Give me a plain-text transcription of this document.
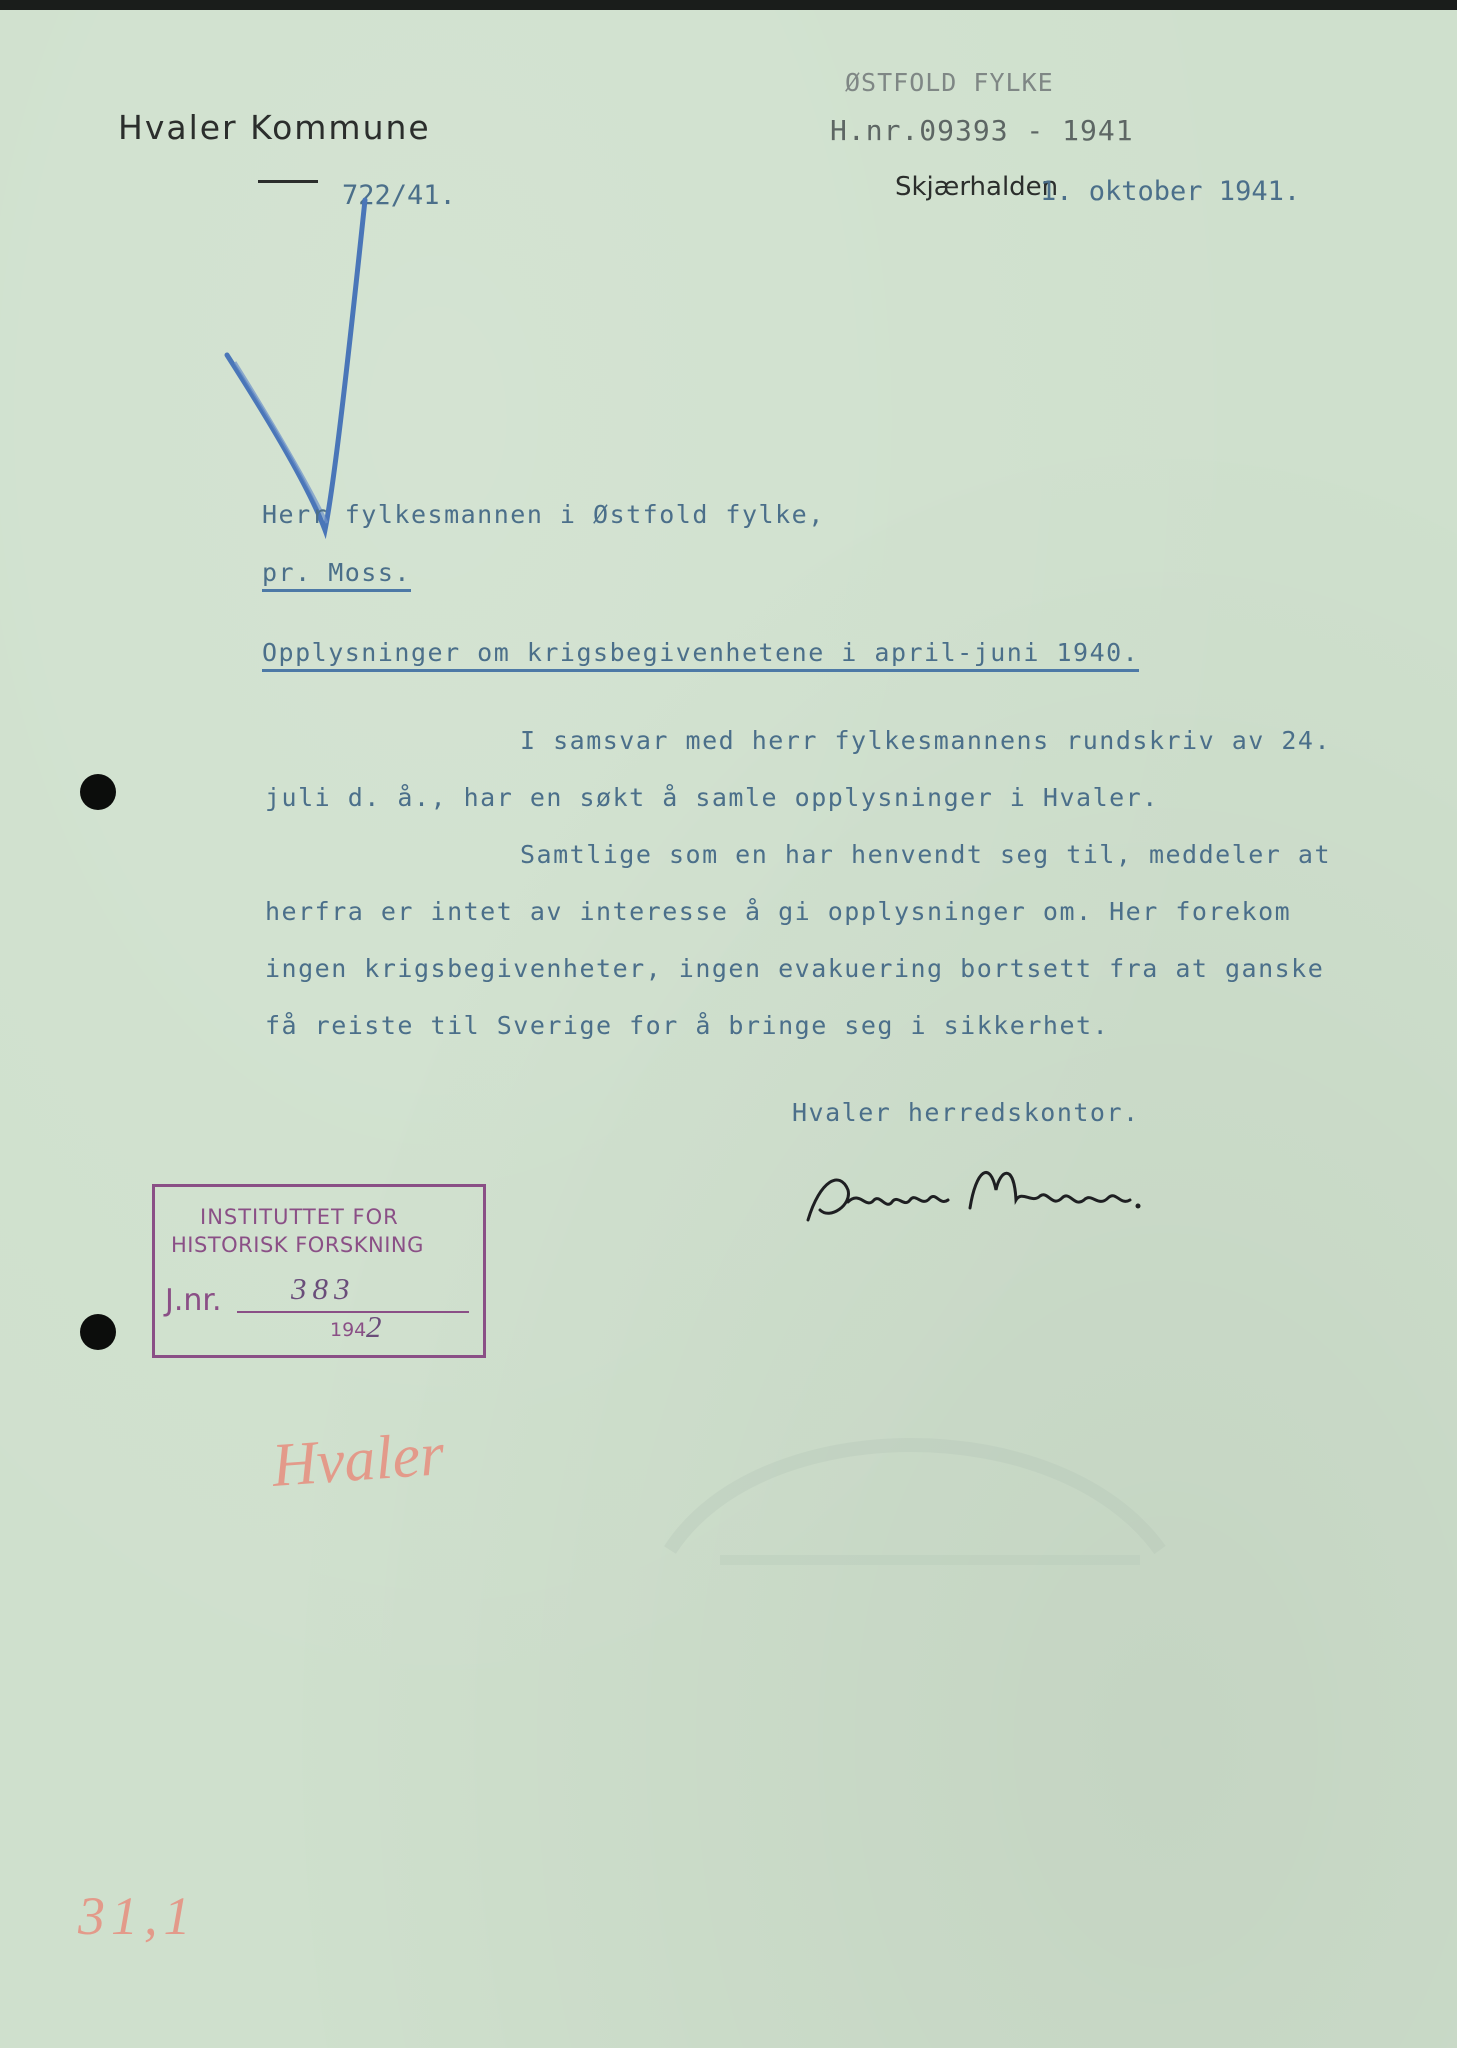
Hvaler Kommune
722/41.	Skjærhalden
1. oktober 1941.
ØSTFOLD FYLKE
H.nr.09393 - 1941
Herr fylkesmannen i Østfold fylke,
pr. Moss.
Opplysninger om krigsbegivenhetene i april-juni 1940.
I samsvar med herr fylkesmannens rundskriv av 24.
juli d. å., har en søkt å samle opplysninger i Hvaler.
Samtlige som en har henvendt seg til, meddeler at
herfra er intet av interesse å gi opplysninger om. Her forekom
ingen krigsbegivenheter, ingen evakuering bortsett fra at ganske
få reiste til Sverige for å bringe seg i sikkerhet.
Hvaler herredskontor.
INSTITUTTET FOR
HISTORISK FORSKNING
J.nr. 383
194 2
Hvaler
31,1
